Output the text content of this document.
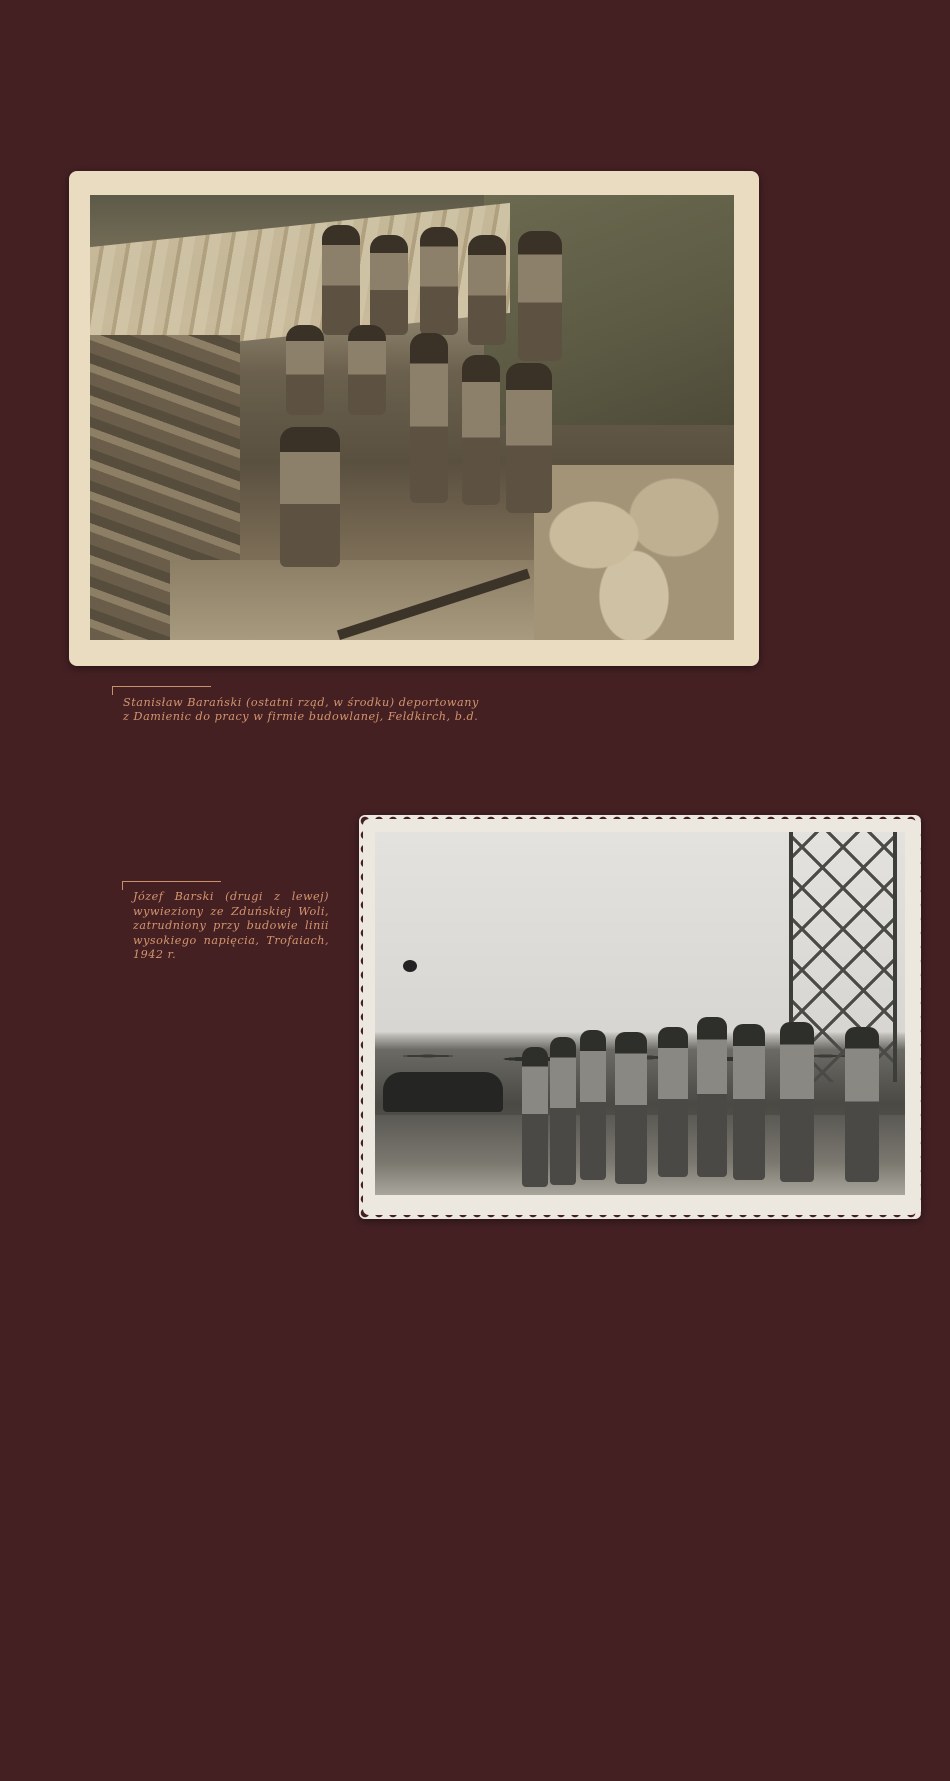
Stanisław Barański (ostatni rząd, w środku) deportowany
z Damienic do pracy w firmie budowlanej, Feldkirch, b.d.
Józef Barski (drugi z lewej) wywieziony ze Zduńskiej Woli, zatrudniony przy budowie linii wysokiego napięcia, Trofaiach, 1942 r.
